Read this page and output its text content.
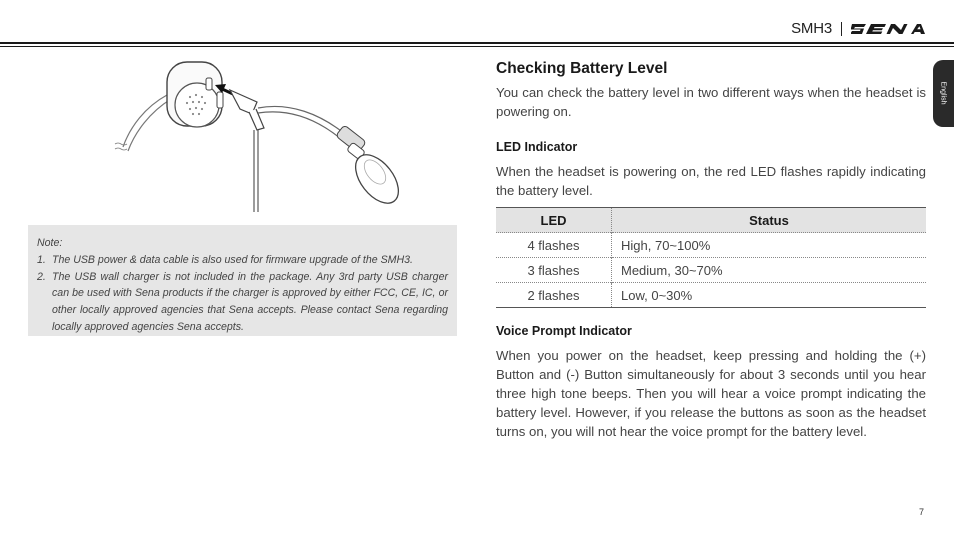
SMH3
English
Note:
1. The USB power & data cable is also used for firmware upgrade of the SMH3.
2. The USB wall charger is not included in the package. Any 3rd party USB charger can be used with Sena products if the charger is approved by either FCC, CE, IC, or other locally approved agencies that Sena accepts. Please contact Sena regarding locally approved agencies Sena accepts.
Checking Battery Level
You can check the battery level in two different ways when the headset is powering on.
LED Indicator
When the headset is powering on, the red LED flashes rapidly indicating the battery level.
LED	Status
4 flashes	High, 70~100%
3 flashes	Medium, 30~70%
2 flashes	Low, 0~30%
Voice Prompt Indicator
When you power on the headset, keep pressing and holding the (+) Button and (-) Button simultaneously for about 3 seconds until you hear three high tone beeps. Then you will hear a voice prompt indicating the battery level. However, if you release the buttons as soon as the headset turns on, you will not hear the voice prompt for the battery level.
7
